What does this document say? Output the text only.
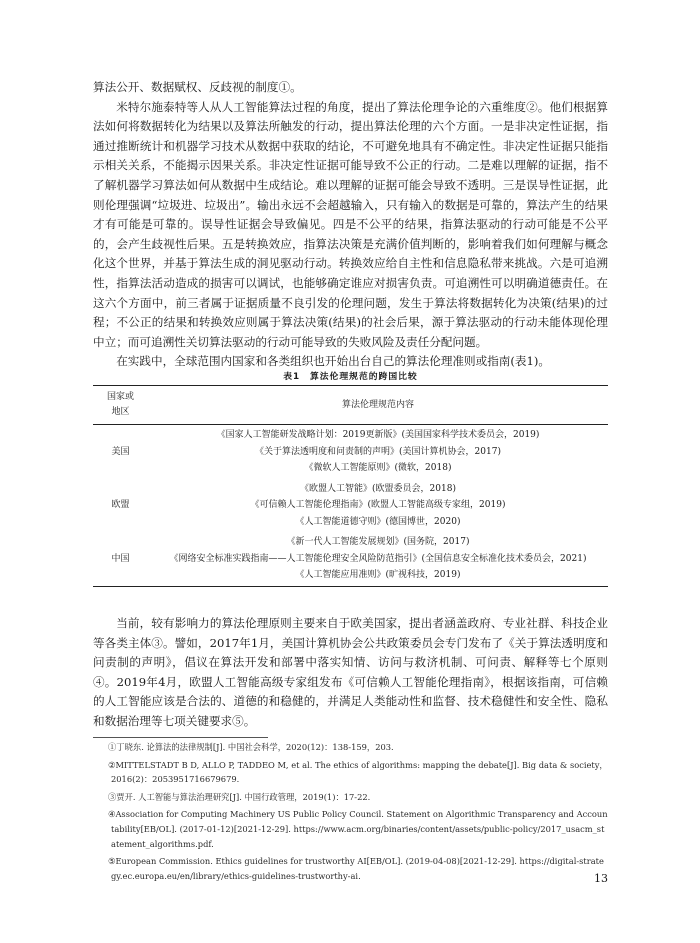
算法公开、数据赋权、反歧视的制度①。

米特尔施泰特等人从人工智能算法过程的角度，提出了算法伦理争论的六重维度②。他们根据算法如何将数据转化为结果以及算法所触发的行动，提出算法伦理的六个方面。一是非决定性证据，指通过推断统计和机器学习技术从数据中获取的结论，不可避免地具有不确定性。非决定性证据只能指示相关关系，不能揭示因果关系。非决定性证据可能导致不公正的行动。二是难以理解的证据，指不了解机器学习算法如何从数据中生成结论。难以理解的证据可能会导致不透明。三是误导性证据，此则伦理强调“垃圾进、垃圾出”。输出永远不会超越输入，只有输入的数据是可靠的，算法产生的结果才有可能是可靠的。误导性证据会导致偏见。四是不公平的结果，指算法驱动的行动可能是不公平的，会产生歧视性后果。五是转换效应，指算法决策是充满价值判断的，影响着我们如何理解与概念化这个世界，并基于算法生成的洞见驱动行动。转换效应给自主性和信息隐私带来挑战。六是可追溯性，指算法活动造成的损害可以调试，也能够确定谁应对损害负责。可追溯性可以明确道德责任。在这六个方面中，前三者属于证据质量不良引发的伦理问题，发生于算法将数据转化为决策(结果)的过程；不公正的结果和转换效应则属于算法决策(结果)的社会后果，源于算法驱动的行动未能体现伦理中立；而可追溯性关切算法驱动的行动可能导致的失败风险及责任分配问题。

在实践中，全球范围内国家和各类组织也开始出台自己的算法伦理准则或指南(表1)。

表1　算法伦理规范的跨国比较
国家或
地区	算法伦理规范内容
美国	《国家人工智能研发战略计划：2019更新版》(美国国家科学技术委员会，2019)
《关于算法透明度和问责制的声明》(美国计算机协会，2017)
《微软人工智能原则》(微软，2018)

欧盟	《欧盟人工智能》(欧盟委员会，2018)
《可信赖人工智能伦理指南》(欧盟人工智能高级专家组，2019)
《人工智能道德守则》(德国博世，2020)

中国	《新一代人工智能发展规划》(国务院，2017)
《网络安全标准实践指南——人工智能伦理安全风险防范指引》(全国信息安全标准化技术委员会，2021)
《人工智能应用准则》(旷视科技，2019)

当前，较有影响力的算法伦理原则主要来自于欧美国家，提出者涵盖政府、专业社群、科技企业等各类主体③。譬如，2017年1月，美国计算机协会公共政策委员会专门发布了《关于算法透明度和问责制的声明》，倡议在算法开发和部署中落实知情、访问与救济机制、可问责、解释等七个原则④。2019年4月，欧盟人工智能高级专家组发布《可信赖人工智能伦理指南》，根据该指南，可信赖的人工智能应该是合法的、道德的和稳健的，并满足人类能动性和监督、技术稳健性和安全性、隐私和数据治理等七项关键要求⑤。

①丁晓东. 论算法的法律规制[J]. 中国社会科学，2020(12)：138-159，203.

②MITTELSTADT B D, ALLO P, TADDEO M, et al. The ethics of algorithms: mapping the debate[J]. Big data & society，2016(2)：2053951716679679.

③贾开. 人工智能与算法治理研究[J]. 中国行政管理，2019(1)：17-22.

④Association for Computing Machinery US Public Policy Council. Statement on Algorithmic Transparency and Accountability[EB/OL]. (2017-01-12)[2021-12-29]. https://www.acm.org/binaries/content/assets/public-policy/2017_usacm_statement_algorithms.pdf.

⑤European Commission. Ethics guidelines for trustworthy AI[EB/OL]. (2019-04-08)[2021-12-29]. https://digital-strategy.ec.europa.eu/en/library/ethics-guidelines-trustworthy-ai.	13
